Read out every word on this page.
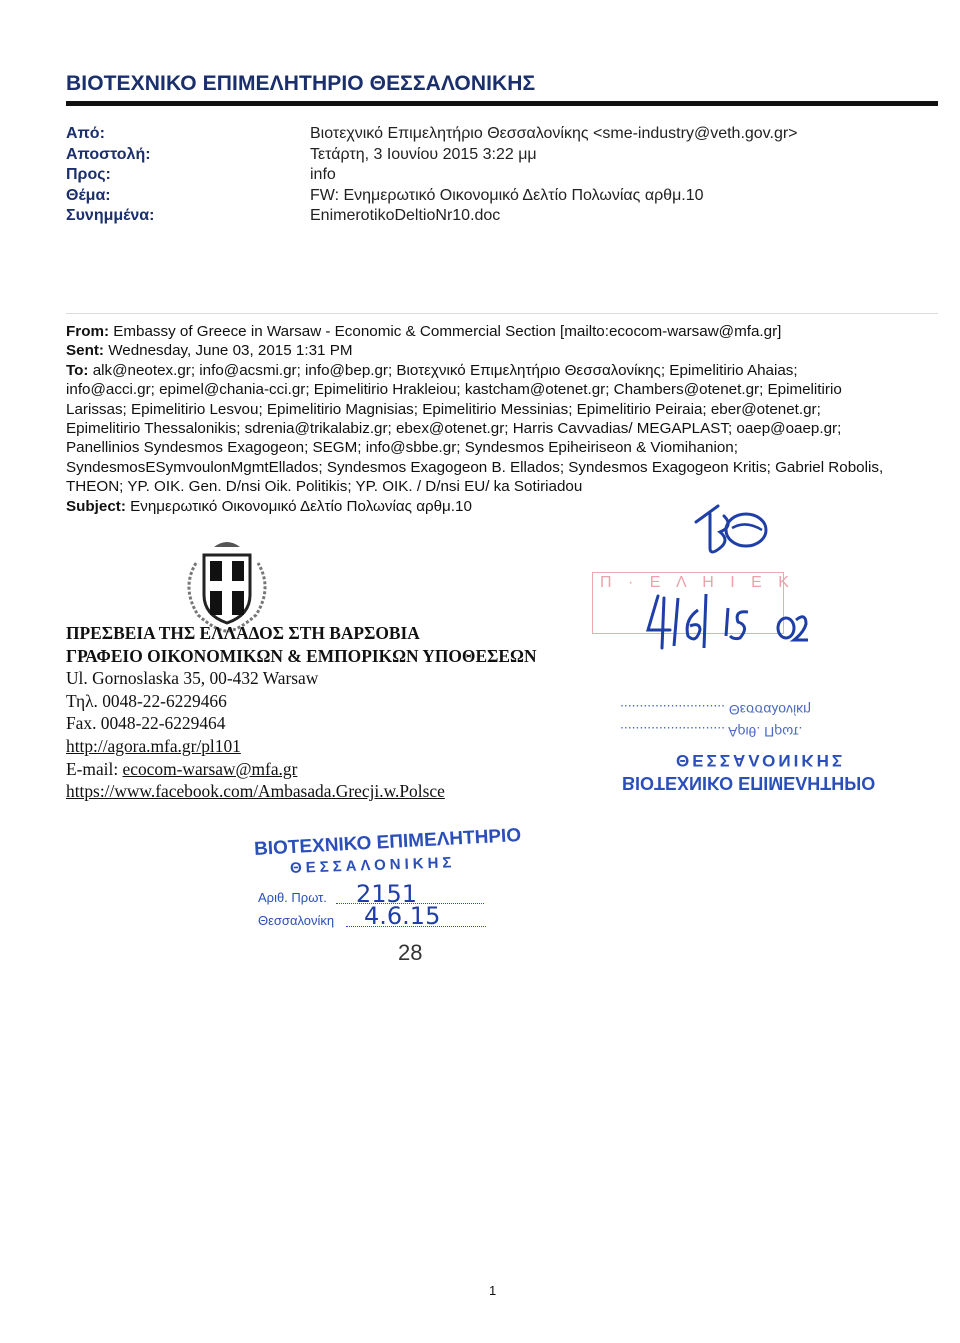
ΒΙΟΤΕΧΝΙΚΟ ΕΠΙΜΕΛΗΤΗΡΙΟ ΘΕΣΣΑΛΟΝΙΚΗΣ
Από:	Βιοτεχνικό Επιμελητήριο Θεσσαλονίκης <sme-industry@veth.gov.gr>
Αποστολή:	Τετάρτη, 3 Ιουνίου 2015 3:22 μμ
Προς:	info
Θέμα:	FW: Ενημερωτικό Οικονομικό Δελτίο Πολωνίας αρθμ.10
Συνημμένα:	EnimerotikoDeltioNr10.doc

From: Embassy of Greece in Warsaw - Economic & Commercial Section [mailto:ecocom-warsaw@mfa.gr]

Sent: Wednesday, June 03, 2015 1:31 PM

To: alk@neotex.gr; info@acsmi.gr; info@bep.gr; Βιοτεχνικό Επιμελητήριο Θεσσαλονίκης; Epimelitirio Ahaias;

info@acci.gr; epimel@chania-cci.gr; Epimelitirio Hrakleiou; kastcham@otenet.gr; Chambers@otenet.gr; Epimelitirio

Larissas; Epimelitirio Lesvou; Epimelitirio Magnisias; Epimelitirio Messinias; Epimelitirio Peiraia; eber@otenet.gr;

Epimelitirio Thessalonikis; sdrenia@trikalabiz.gr; ebex@otenet.gr; Harris Cavvadias/ MEGAPLAST; oaep@oaep.gr;

Panellinios Syndesmos Exagogeon; SEGM; info@sbbe.gr; Syndesmos Epiheiriseon & Viomihanion;

SyndesmosESymvoulonMgmtEllados; Syndesmos Exagogeon B. Ellados; Syndesmos Exagogeon Kritis; Gabriel Robolis,

THEON; YP. OIK. Gen. D/nsi Oik. Politikis; YP. OIK. / D/nsi EU/ ka Sotiriadou

Subject: Ενημερωτικό Οικονομικό Δελτίο Πολωνίας αρθμ.10

Π · Ε Λ Η Ι Ε Κ
........................... Θεσσαλονίκη
........................... Αριθ. Πρωτ.
ΘΕΣΣΑΛΟΝΙΚΗΣ
ΒΙΟΤΕΧΝΙΚΟ ΕΠΙΜΕΛΗΤΗΡΙΟ
ΠΡΕΣΒΕΙΑ ΤΗΣ ΕΛΛΑΔΟΣ ΣΤΗ ΒΑΡΣΟΒΙΑ
ΓΡΑΦΕΙΟ ΟΙΚΟΝΟΜΙΚΩΝ & ΕΜΠΟΡΙΚΩΝ ΥΠΟΘΕΣΕΩΝ
Ul. Gornoslaska 35, 00-432 Warsaw
Τηλ. 0048-22-6229466
Fax. 0048-22-6229464
http://agora.mfa.gr/pl101
E-mail: ecocom-warsaw@mfa.gr
https://www.facebook.com/Ambasada.Grecji.w.Polsce
ΒΙΟΤΕΧΝΙΚΟ ΕΠΙΜΕΛΗΤΗΡΙΟ
ΘΕΣΣΑΛΟΝΙΚΗΣ
Αριθ. Πρωτ. 2151
Θεσσαλονίκη 4.6.15
28
1
